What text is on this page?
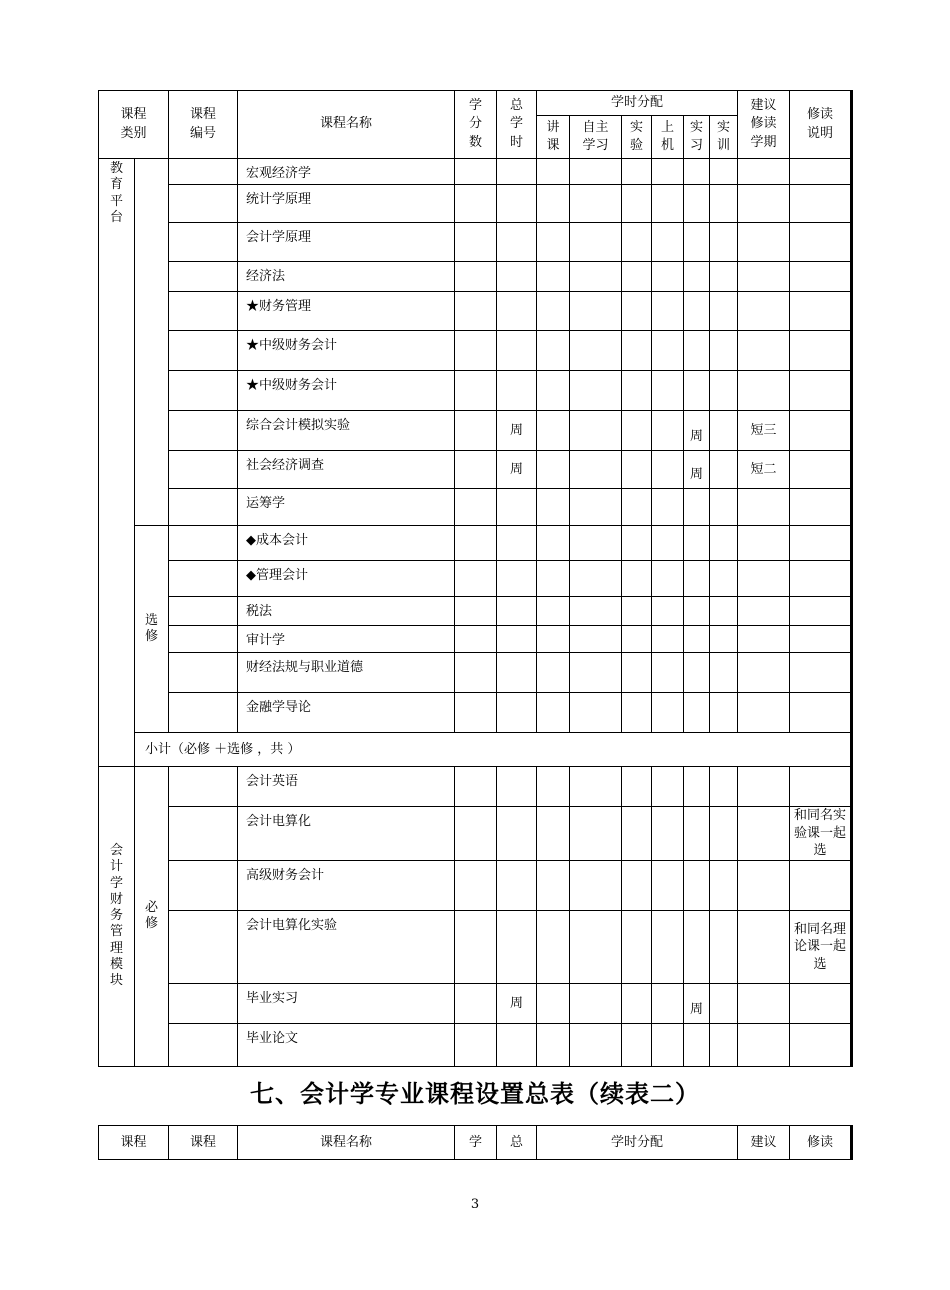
课程类别		课程编号	课程名称	学分数	总学时	学时分配						建议修读学期	修读说明
						讲课	自主学习	实验	上机	实习	实训		
教育平台			宏观经济学										
			统计学原理										
			会计学原理										
			经济法										
			★财务管理										
			★中级财务会计										
			★中级财务会计										
			综合会计模拟实验		周					周		短三	
			社会经济调查		周					周		短二	
			运筹学										
	选修		◆成本会计										
			◆管理会计										
			税法										
			审计学										
			财经法规与职业道德										
			金融学导论										
	小计（必修 ＋选修 ，共 ）												
会计学财务管理模块	必修		会计英语										
			会计电算化										和同名实验课一起选
			高级财务会计										
			会计电算化实验										和同名理论课一起选
			毕业实习		周					周			
			毕业论文										
七、会计学专业课程设置总表（续表二）
课程	课程	课程名称	学	总	学时分配	建议	修读
3
